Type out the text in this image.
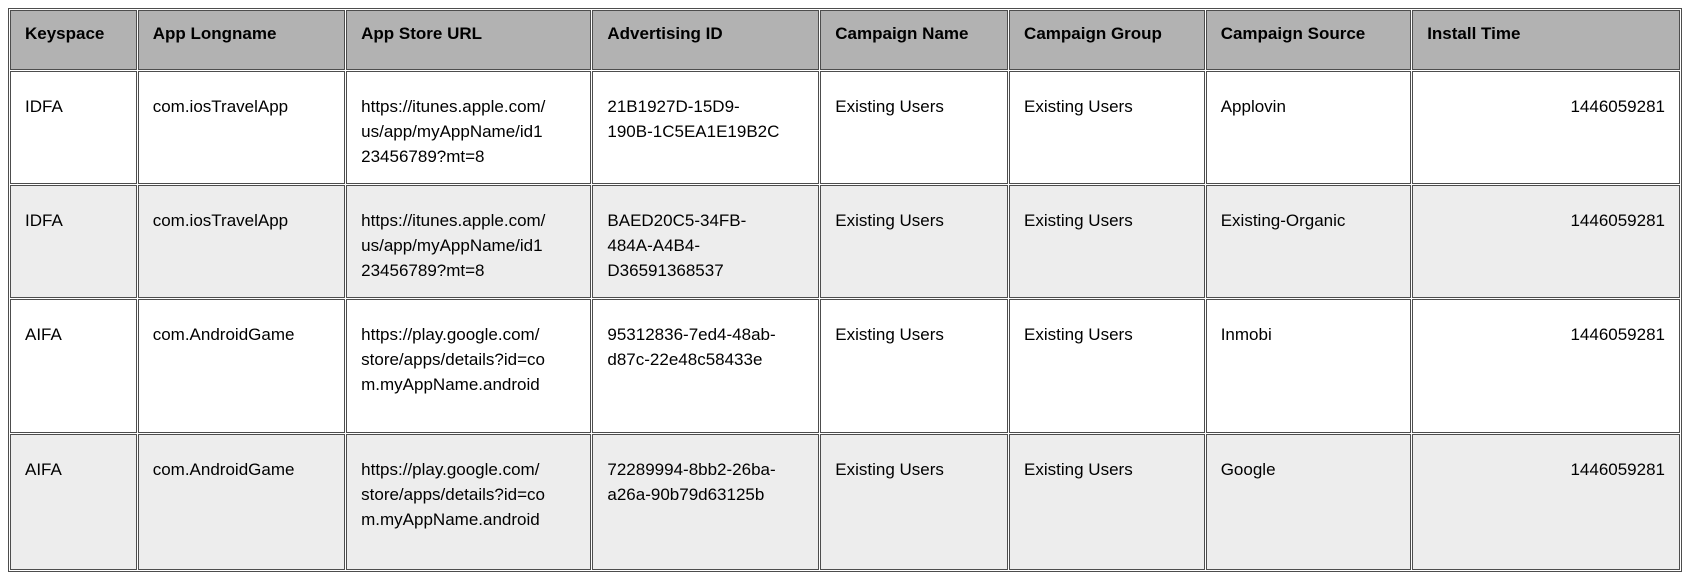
Keyspace	App Longname	App Store URL	Advertising ID	Campaign Name	Campaign Group	Campaign Source	Install Time
IDFA	com.iosTravelApp	https://itunes.apple.com/us/app/myAppName/id123456789?mt=8	21B1927D-15D9-190B-1C5EA1E19B2C	Existing Users	Existing Users	Applovin	1446059281
IDFA	com.iosTravelApp	https://itunes.apple.com/us/app/myAppName/id123456789?mt=8	BAED20C5-34FB-484A-A4B4-D36591368537	Existing Users	Existing Users	Existing-Organic	1446059281
AIFA	com.AndroidGame	https://play.google.com/store/apps/details?id=com.myAppName.android	95312836-7ed4-48ab-d87c-22e48c58433e	Existing Users	Existing Users	Inmobi	1446059281
AIFA	com.AndroidGame	https://play.google.com/store/apps/details?id=com.myAppName.android	72289994-8bb2-26ba-a26a-90b79d63125b	Existing Users	Existing Users	Google	1446059281
